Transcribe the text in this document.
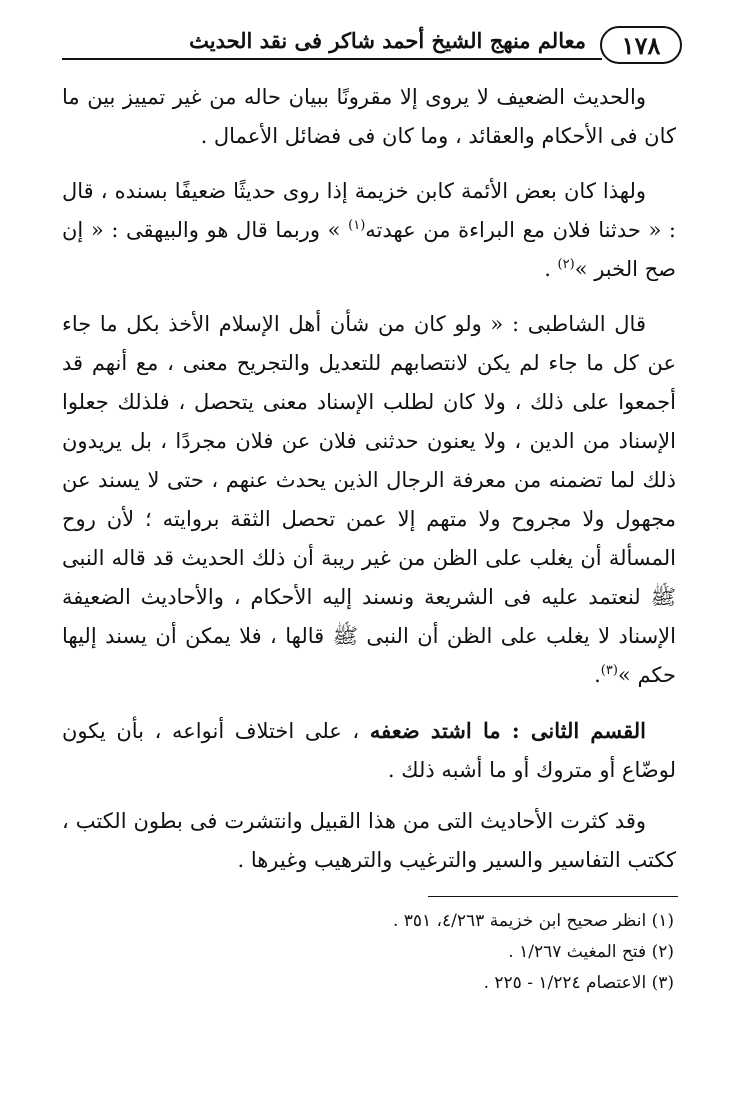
١٧٨
معالم منهج الشيخ أحمد شاكر فى نقد الحديث

والحديث الضعيف لا يروى إلا مقرونًا ببيان حاله من غير تمييز بين ما كان فى الأحكام والعقائد ، وما كان فى فضائل الأعمال .

ولهذا كان بعض الأئمة كابن خزيمة إذا روى حديثًا ضعيفًا بسنده ، قال : « حدثنا فلان مع البراءة من عهدته$^{(١)}$ » وربما قال هو والبيهقى : « إن صح الخبر »$^{(٢)}$ .

قال الشاطبى : « ولو كان من شأن أهل الإسلام الأخذ بكل ما جاء عن كل ما جاء لم يكن لانتصابهم للتعديل والتجريح معنى ، مع أنهم قد أجمعوا على ذلك ، ولا كان لطلب الإسناد معنى يتحصل ، فلذلك جعلوا الإسناد من الدين ، ولا يعنون حدثنى فلان عن فلان مجردًا ، بل يريدون ذلك لما تضمنه من معرفة الرجال الذين يحدث عنهم ، حتى لا يسند عن مجهول ولا مجروح ولا متهم إلا عمن تحصل الثقة بروايته ؛ لأن روح المسألة أن يغلب على الظن من غير ريبة أن ذلك الحديث قد قاله النبى ﷺ لنعتمد عليه فى الشريعة ونسند إليه الأحكام ، والأحاديث الضعيفة الإسناد لا يغلب على الظن أن النبى ﷺ قالها ، فلا يمكن أن يسند إليها حكم »$^{(٣)}$.

القسم الثانى : ما اشتد ضعفه ، على اختلاف أنواعه ، بأن يكون لوضّاع أو متروك أو ما أشبه ذلك .

وقد كثرت الأحاديث التى من هذا القبيل وانتشرت فى بطون الكتب ، ككتب التفاسير والسير والترغيب والترهيب وغيرها .

(١) انظر صحيح ابن خزيمة ٤/٢٦٣، ٣٥١ .

(٢) فتح المغيث ١/٢٦٧ .

(٣) الاعتصام ١/٢٢٤ - ٢٢٥ .
